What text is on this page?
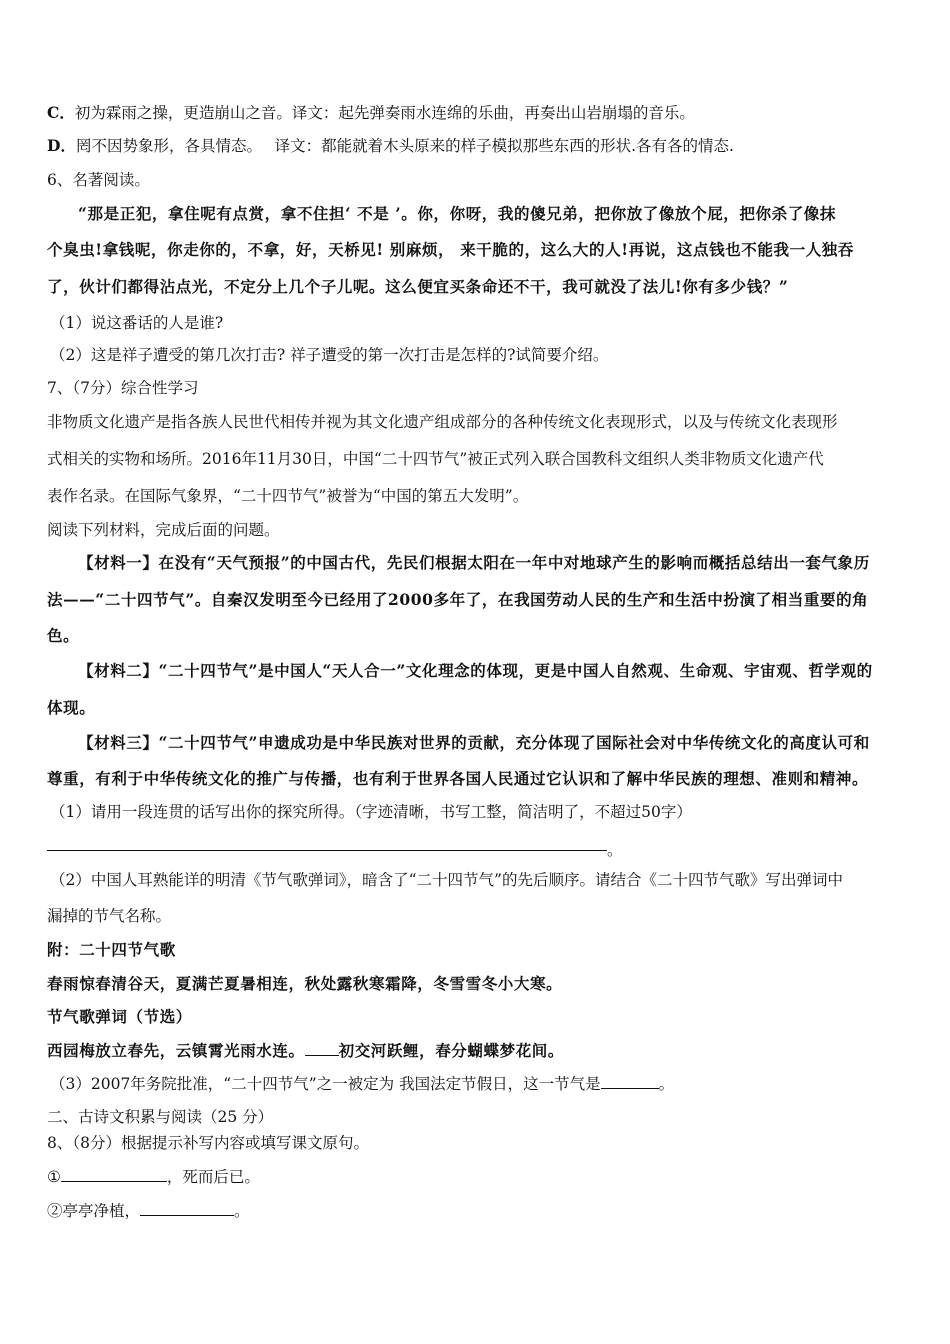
C．初为霖雨之操，更造崩山之音。译文：起先弹奏雨水连绵的乐曲，再奏出山岩崩塌的音乐。
D．罔不因势象形，各具情态。　 译文：都能就着木头原来的样子模拟那些东西的形状.各有各的情态.
6、名著阅读。
“那是正犯，拿住呢有点赏，拿不住担‘ 不是 ’。你，你呀，我的傻兄弟，把你放了像放个屁，把你杀了像抹
个臭虫!拿钱呢，你走你的，不拿，好，天桥见! 别麻烦， 来干脆的，这么大的人!再说，这点钱也不能我一人独吞
了，伙计们都得沾点光，不定分上几个子儿呢。这么便宜买条命还不干，我可就没了法儿!你有多少钱？”
（1）说这番话的人是谁?
（2）这是祥子遭受的第几次打击? 祥子遭受的第一次打击是怎样的?试简要介绍。
7、（7分）综合性学习
非物质文化遗产是指各族人民世代相传并视为其文化遗产组成部分的各种传统文化表现形式，以及与传统文化表现形
式相关的实物和场所。2016年11月30日，中国“二十四节气”被正式列入联合国教科文组织人类非物质文化遗产代
表作名录。在国际气象界，“二十四节气”被誉为“中国的第五大发明”。
阅读下列材料，完成后面的问题。
【材料一】在没有“天气预报”的中国古代，先民们根据太阳在一年中对地球产生的影响而概括总结出一套气象历
法——“二十四节气”。自秦汉发明至今已经用了2000多年了，在我国劳动人民的生产和生活中扮演了相当重要的角
色。
【材料二】“二十四节气”是中国人“天人合一”文化理念的体现，更是中国人自然观、生命观、宇宙观、哲学观的
体现。
【材料三】“二十四节气”申遗成功是中华民族对世界的贡献，充分体现了国际社会对中华传统文化的高度认可和
尊重，有利于中华传统文化的推广与传播，也有利于世界各国人民通过它认识和了解中华民族的理想、准则和精神。
（1）请用一段连贯的话写出你的探究所得。（字迹清晰，书写工整，简洁明了，不超过50字）
。
（2）中国人耳熟能详的明清《节气歌弹词》，暗含了“二十四节气”的先后顺序。请结合《二十四节气歌》写出弹词中
漏掉的节气名称。
附：二十四节气歌
春雨惊春清谷天，夏满芒夏暑相连，秋处露秋寒霜降，冬雪雪冬小大寒。
节气歌弹词（节选）
西园梅放立春先，云镇霄光雨水连。 初交河跃鲤，春分蝴蝶梦花间。
（3）2007年务院批准，“二十四节气”之一被定为 我国法定节假日，这一节气是	。
二、古诗文积累与阅读（25 分）
8、（8分）根据提示补写内容或填写课文原句。
①	，死而后已。
②亭亭净植，	。
